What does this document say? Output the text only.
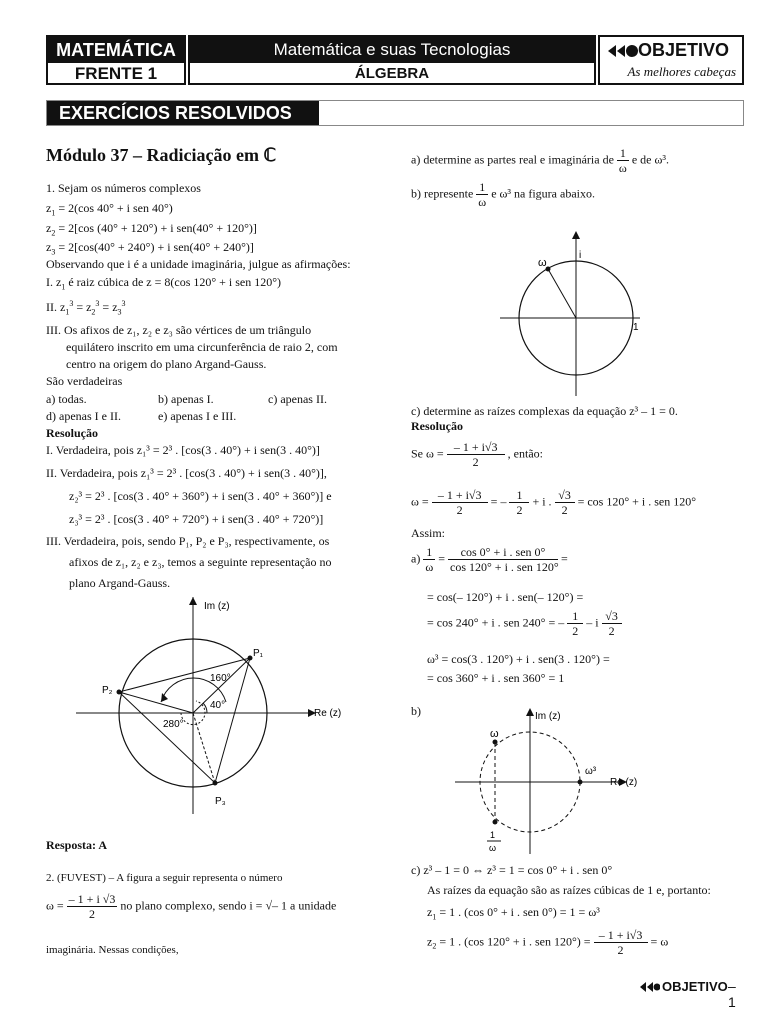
MATEMÁTICA
FRENTE 1
Matemática e suas Tecnologias
ÁLGEBRA
OBJETIVO
As melhores cabeças
EXERCÍCIOS RESOLVIDOS
Módulo 37 – Radiciação em ℂ
1. Sejam os números complexos
$z_1 = 2(\cos$ 40° + i sen 40°)
$z_2 = 2[\cos$ (40° + 120°) + i sen(40° + 120°)]
$z_3 = 2[\cos(40^\circ + 240^\circ) + i$ sen(40° + 240°)]
Observando que i é a unidade imaginária, julgue as afirmações:
I. $z_1$ é raiz cúbica de z = 8(cos 120° + i sen 120°)
II. $z_1^3 = z_2^3 = z_3^3$
III. Os afixos de z₁, z₂ e z₃ são vértices de um triângulo
equilátero inscrito em uma circunferência de raio 2, com
centro na origem do plano Argand-Gauss.
São verdadeiras
a) todas.	b) apenas I.	c) apenas II.
d) apenas I e II.	e) apenas I e III.
Resolução
I. Verdadeira, pois z₁³ = 2³ . [cos(3 . 40°) + i sen(3 . 40°)]
II. Verdadeira, pois z₁³ = 2³ . [cos(3 . 40°) + i sen(3 . 40°)],
z₂³ = 2³ . [cos(3 . 40° + 360°) + i sen(3 . 40° + 360°)] e
z₃³ = 2³ . [cos(3 . 40° + 720°) + i sen(3 . 40° + 720°)]
III. Verdadeira, pois, sendo P₁, P₂ e P₃, respectivamente, os
afixos de z₁, z₂ e z₃, temos a seguinte representação no
plano Argand-Gauss.
Im (z)
Re (z)
P₁
P₂
P₃
160°
40°
280°
Resposta: A
2. (FUVEST) – A figura a seguir representa o número
$\omega = \frac{- 1 + i √3}{2}$ no plano complexo, sendo i = √– 1 a unidade
imaginária. Nessas condições,
a) determine as partes real e imaginária de $\frac{1}{\omega}$ e de ω³.
b) represente $\frac{1}{\omega}$ e ω³ na figura abaixo.
i
1
ω
c) determine as raízes complexas da equação z³ – 1 = 0.
Resolução
Se $\omega = \frac{- 1 + i√3}{2}$ , então:
$\omega = \frac{- 1 + i√3}{2}$ = – $\frac{1}{2} + i$ . $\frac{√3}{2} = \cos 120^\circ + i$ . sen 120°
Assim:
$a) \frac{1}{\omega} = \frac{\text{cos 0° + i . sen 0°}}{\text{cos 120° + i . sen 120°}}$ =
= cos(– 120°) + i . sen(– 120°) =
= cos 240° + i . sen 240° = – $\frac{1}{2}$ – i $\frac{√3}{2}$
ω³ = cos(3 . 120°) + i . sen(3 . 120°) =
= cos 360° + i . sen 360° = 1
b)	Im (z)
Re (z)
ω
ω³
1
ω
c) z³ – 1 = 0 ⇔ z³ = 1 = cos 0° + i . sen 0°
As raízes da equação são as raízes cúbicas de 1 e, portanto:
$z_1 = 1$ . (cos 0° + i . sen 0°) = 1 = ω³
$z_2 = 1$ . (cos 120° + i . sen $120^\circ) = \frac{- 1 + i√3}{2} = \omega$
OBJETIVO – 1
